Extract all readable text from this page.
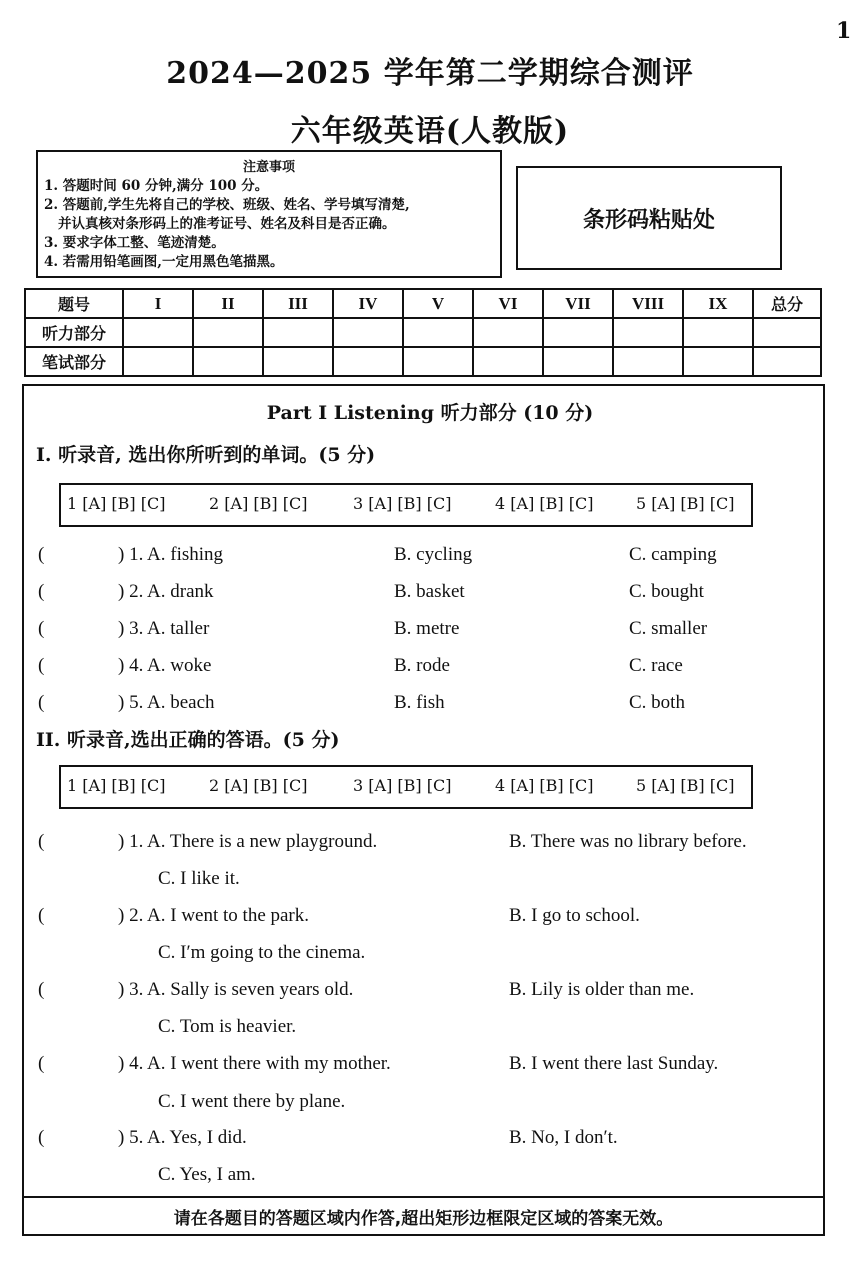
1
2024—2025 学年第二学期综合测评
六年级英语(人教版)
注意事项
1. 答题时间 60 分钟,满分 100 分。
2. 答题前,学生先将自己的学校、班级、姓名、学号填写清楚,
并认真核对条形码上的准考证号、姓名及科目是否正确。
3. 要求字体工整、笔迹清楚。
4. 若需用铅笔画图,一定用黑色笔描黑。
条形码粘贴处
题号	I	II	III	IV	V	VI	VII	VIII	IX	总分
听力部分										
笔试部分										
Part I Listening 听力部分 (10 分)
I. 听录音, 选出你所听到的单词。(5 分)
1 [A] [B] [C]	2 [A] [B] [C]	3 [A] [B] [C]	4 [A] [B] [C]	5 [A] [B] [C]
(	) 1. A. fishing	B. cycling	C. camping
(	) 2. A. drank	B. basket	C. bought
(	) 3. A. taller	B. metre	C. smaller
(	) 4. A. woke	B. rode	C. race
(	) 5. A. beach	B. fish	C. both
II. 听录音,选出正确的答语。(5 分)
1 [A] [B] [C]	2 [A] [B] [C]	3 [A] [B] [C]	4 [A] [B] [C]	5 [A] [B] [C]
(	) 1. A. There is a new playground.	B. There was no library before.
C. I like it.
(	) 2. A. I went to the park.	B. I go to school.
C. I′m going to the cinema.
(	) 3. A. Sally is seven years old.	B. Lily is older than me.
C. Tom is heavier.
(	) 4. A. I went there with my mother.	B. I went there last Sunday.
C. I went there by plane.
(	) 5. A. Yes, I did.	B. No, I don′t.
C. Yes, I am.
请在各题目的答题区域内作答,超出矩形边框限定区域的答案无效。
